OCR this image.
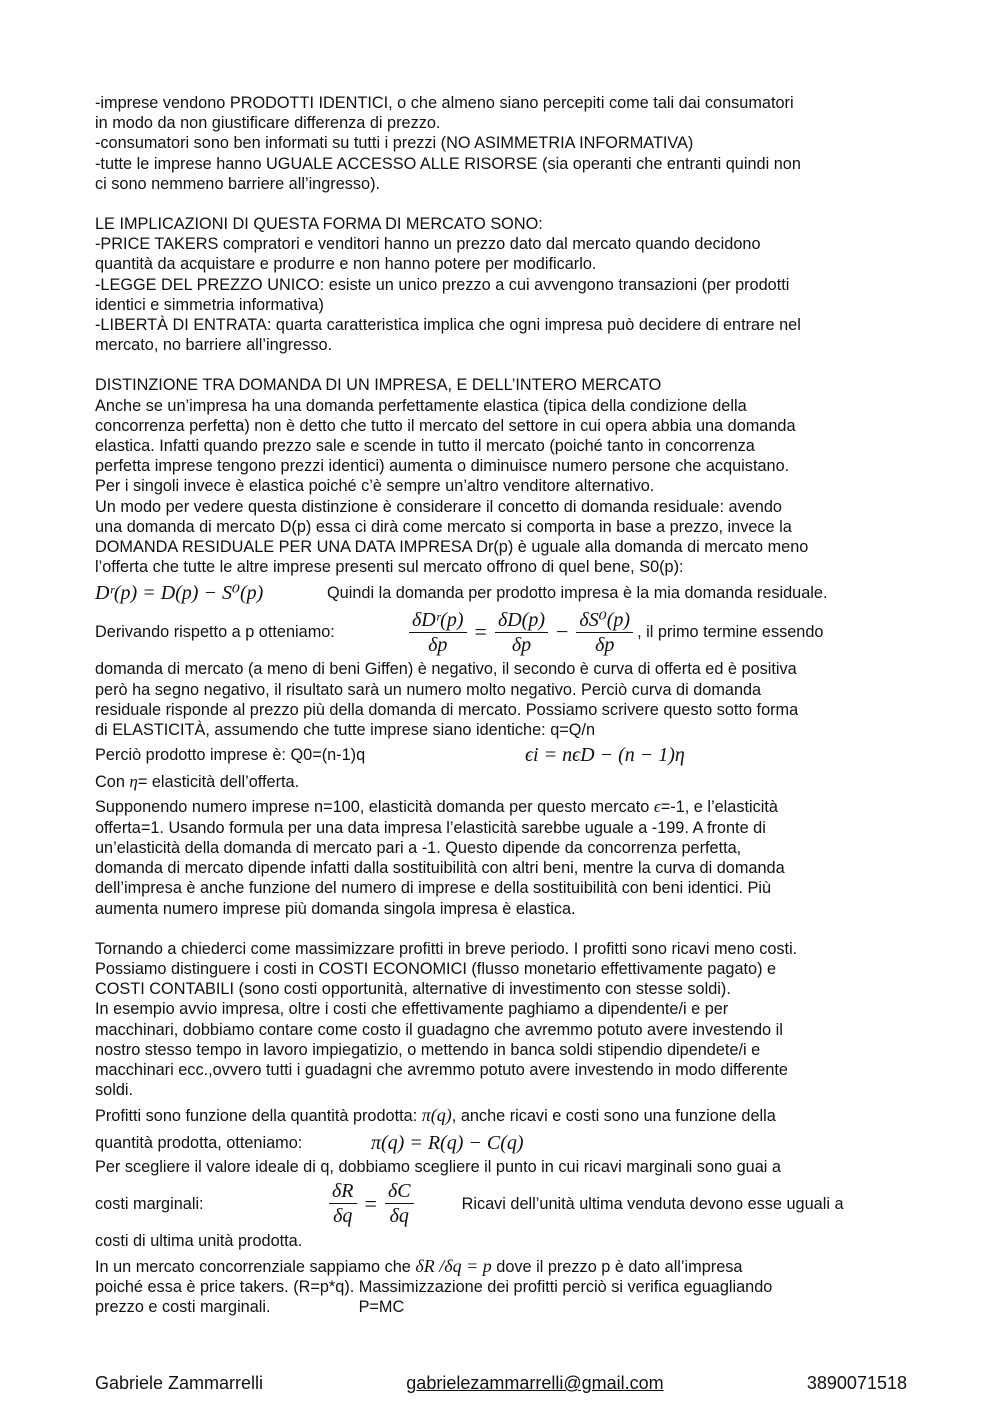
-imprese vendono PRODOTTI IDENTICI, o che almeno siano percepiti come tali dai consumatori
in modo da non giustificare differenza di prezzo.
-consumatori sono ben informati su tutti i prezzi (NO ASIMMETRIA INFORMATIVA)
-tutte le imprese hanno UGUALE ACCESSO ALLE RISORSE (sia operanti che entranti quindi non
ci sono nemmeno barriere all’ingresso).
LE IMPLICAZIONI DI QUESTA FORMA DI MERCATO SONO:
-PRICE TAKERS compratori e venditori hanno un prezzo dato dal mercato quando decidono
quantità da acquistare e produrre e non hanno potere per modificarlo.
-LEGGE DEL PREZZO UNICO: esiste un unico prezzo a cui avvengono transazioni (per prodotti
identici e simmetria informativa)
-LIBERTÀ DI ENTRATA: quarta caratteristica implica che ogni impresa può decidere di entrare nel
mercato, no barriere all’ingresso.
DISTINZIONE TRA DOMANDA DI UN IMPRESA, E DELL’INTERO MERCATO
Anche se un’impresa ha una domanda perfettamente elastica (tipica della condizione della
concorrenza perfetta) non è detto che tutto il mercato del settore in cui opera abbia una domanda
elastica. Infatti quando prezzo sale e scende in tutto il mercato (poiché tanto in concorrenza
perfetta imprese tengono prezzi identici) aumenta o diminuisce numero persone che acquistano.
Per i singoli invece è elastica poiché c’è sempre un’altro venditore alternativo.
Un modo per vedere questa distinzione è considerare il concetto di domanda residuale: avendo
una domanda di mercato D(p) essa ci dirà come mercato si comporta in base a prezzo, invece la
DOMANDA RESIDUALE PER UNA DATA IMPRESA Dr(p) è uguale alla domanda di mercato meno
l’offerta che tutte le altre imprese presenti sul mercato offrono di quel bene, S0(p):
Dʳ(p) = D(p) − S⁰(p)	Quindi la domanda per prodotto impresa è la mia domanda residuale.
Derivando rispetto a p otteniamo:	$\frac{\text{δDʳ(p)}}{\delta p} = \frac{\delta D(p)}{\delta p} - \frac{\text{δS⁰(p)}}{\delta p}$ , il primo termine essendo
domanda di mercato (a meno di beni Giffen) è negativo, il secondo è curva di offerta ed è positiva
però ha segno negativo, il risultato sarà un numero molto negativo. Perciò curva di domanda
residuale risponde al prezzo più della domanda di mercato. Possiamo scrivere questo sotto forma
di ELASTICITÀ, assumendo che tutte imprese siano identiche: q=Q/n
Perciò prodotto imprese è: Q0=(n-1)q	ϵi = nϵD − (n − 1)η
Con η= elasticità dell’offerta.
Supponendo numero imprese n=100, elasticità domanda per questo mercato ϵ=-1, e l’elasticità
offerta=1. Usando formula per una data impresa l’elasticità sarebbe uguale a -199. A fronte di
un’elasticità della domanda di mercato pari a -1. Questo dipende da concorrenza perfetta,
domanda di mercato dipende infatti dalla sostituibilità con altri beni, mentre la curva di domanda
dell’impresa è anche funzione del numero di imprese e della sostituibilità con beni identici. Più
aumenta numero imprese più domanda singola impresa è elastica.
Tornando a chiederci come massimizzare profitti in breve periodo. I profitti sono ricavi meno costi.
Possiamo distinguere i costi in COSTI ECONOMICI (flusso monetario effettivamente pagato) e
COSTI CONTABILI (sono costi opportunità, alternative di investimento con stesse soldi).
In esempio avvio impresa, oltre i costi che effettivamente paghiamo a dipendente/i e per
macchinari, dobbiamo contare come costo il guadagno che avremmo potuto avere investendo il
nostro stesso tempo in lavoro impiegatizio, o mettendo in banca soldi stipendio dipendete/i e
macchinari ecc.,ovvero tutti i guadagni che avremmo potuto avere investendo in modo differente
soldi.
Profitti sono funzione della quantità prodotta: π(q), anche ricavi e costi sono una funzione della
quantità prodotta, otteniamo:	π(q) = R(q) − C(q)
Per scegliere il valore ideale di q, dobbiamo scegliere il punto in cui ricavi marginali sono guai a
costi marginali:	$\frac{\delta R}{\delta q} = \frac{\delta C}{\delta q}$	Ricavi dell’unità ultima venduta devono esse uguali a
costi di ultima unità prodotta.
In un mercato concorrenziale sappiamo che δR /δq = p dove il prezzo p è dato all’impresa
poiché essa è price takers. (R=p*q). Massimizzazione dei profitti perciò si verifica eguagliando
prezzo e costi marginali.	P=MC
Gabriele Zammarrelli	gabrielezammarrelli@gmail.com	3890071518
